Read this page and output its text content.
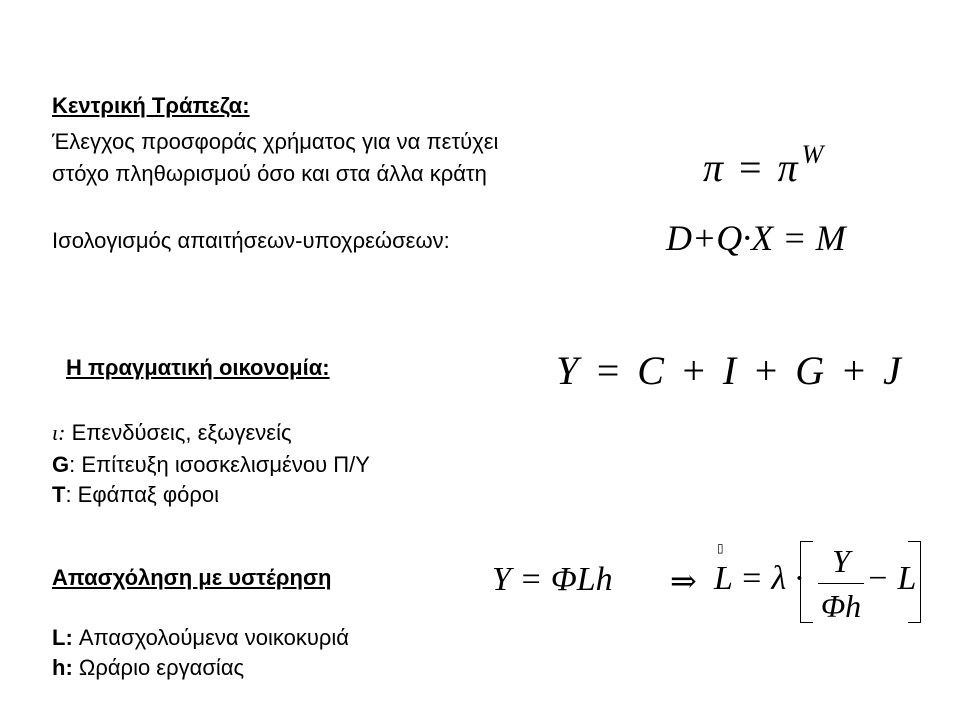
Κεντρική Τράπεζα:
Έλεγχος προσφοράς χρήματος για να πετύχει
στόχο πληθωρισμού όσο και στα άλλα κράτη
Ισολογισμός απαιτήσεων-υποχρεώσεων:
π = π $^W$
D+Q·X = M
Η πραγματική οικονομία:	Y = C + I + G + J
ι: Επενδύσεις, εξωγενείς
G: Επίτευξη ισοσκελισμένου Π/Υ
T: Εφάπαξ φόροι
Απασχόληση με υστέρηση	Y = ΦLh ⇒ L
▯
= λ · Y
Φh
− L
L: Απασχολούμενα νοικοκυριά
h: Ωράριο εργασίας
